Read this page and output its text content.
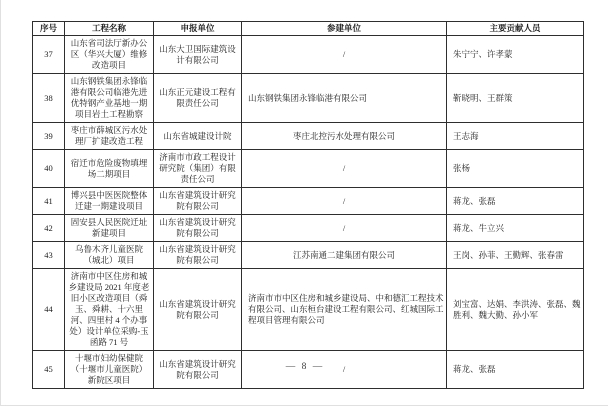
序号	工程名称	申报单位	参建单位	主要贡献人员
37	山东省司法厅新办公区（华兴大厦）维修改造项目	山东大卫国际建筑设计有限公司	/	朱宁宁、许孝蒙
38	山东钢铁集团永锋临港有限公司临港先进优特钢产业基地一期项目岩土工程勘察	山东正元建设工程有限责任公司	山东钢铁集团永锋临港有限公司	靳晓明、王群策
39	枣庄市薛城区污水处理厂扩建改造工程	山东省城建设计院	枣庄北控污水处理有限公司	王志海
40	宿迁市危险废物填埋场二期项目	济南市市政工程设计研究院（集团）有限责任公司	/	张杨
41	博兴县中医医院整体迁建一期建设项目	山东省建筑设计研究院有限公司	/	蒋龙、张磊
42	固安县人民医院迁址新建项目	山东省建筑设计研究院有限公司	/	蒋龙、牛立兴
43	乌鲁木齐儿童医院（城北）项目	山东省建筑设计研究院有限公司	江苏南通二建集团有限公司	王岗、孙菲、王勤辉、张春雷
44	济南市中区住房和城乡建设局 2021 年度老旧小区改造项目（舜玉、舜耕、十六里河、四里村 4 个办事处）设计单位采购-玉函路 71 号	山东省建筑设计研究院有限公司	济南市市中区住房和城乡建设局、中和德汇工程技术有限公司、山东桓台建设工程有限公司、红城国际工程项目管理有限公司	刘宝富、达娟、李洪涛、张磊、魏胜利、魏大勤、孙小军
45	十堰市妇幼保健院（十堰市儿童医院）新院区项目	山东省建筑设计研究院有限公司	/	蒋龙、张磊
— 8 —
